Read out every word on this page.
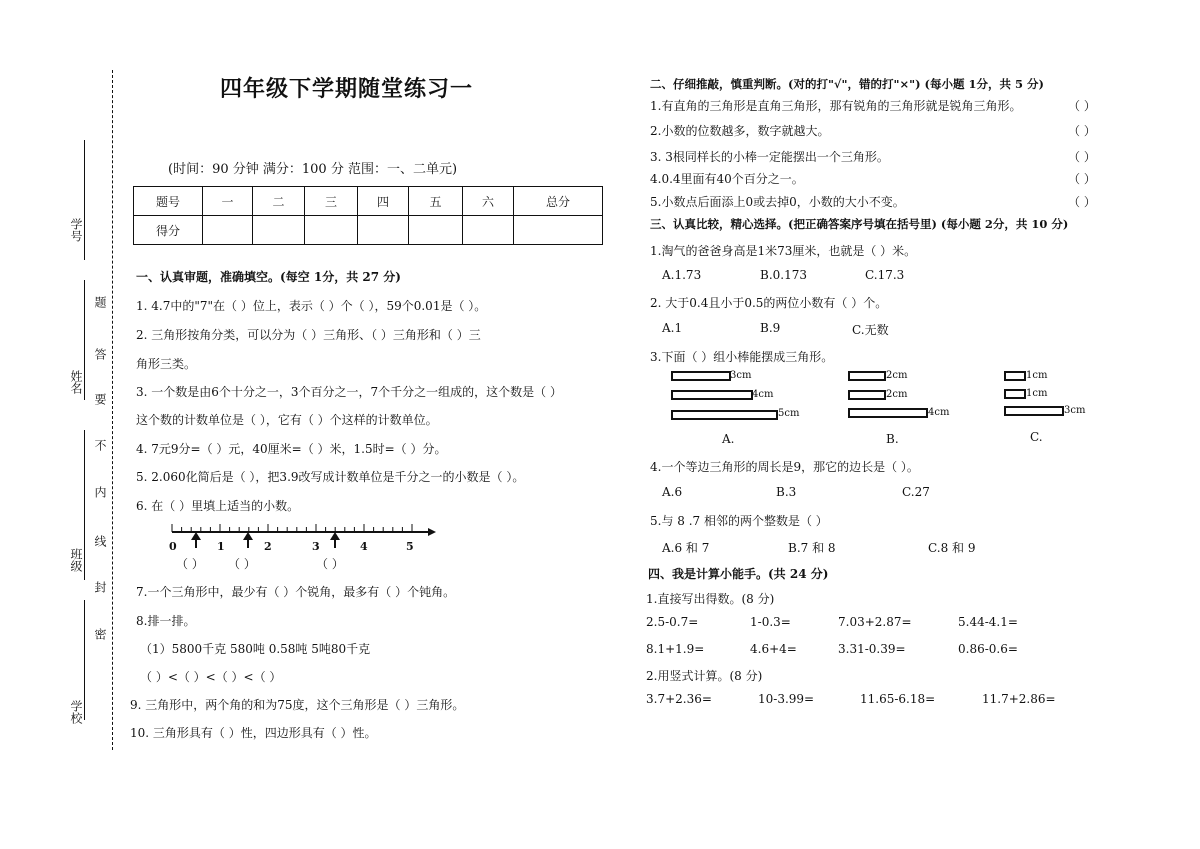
学号
姓名
班级
学校
题
答
要
不
内
线
封
密
四年级下学期随堂练习一
(时间：90 分钟 满分：100 分 范围：一、二单元)
题号	一	二	三	四	五	六	总分
得分							
一、认真审题，准确填空。(每空 1分，共 27 分)
1. 4.7中的"7"在（ ）位上，表示（ ）个（ ），59个0.01是（ ）。
2. 三角形按角分类，可以分为（ ）三角形、（ ）三角形和（ ）三
角形三类。
3. 一个数是由6个十分之一，3个百分之一，7个千分之一组成的，这个数是（ ）
这个数的计数单位是（ ），它有（ ）个这样的计数单位。
4. 7元9分=（ ）元，40厘米=（ ）米，1.5时=（ ）分。
5. 2.060化简后是（ ），把3.9改写成计数单位是千分之一的小数是（ ）。
6. 在（ ）里填上适当的小数。
0	1	2	3	4	5
（ ） （ ）	（ ）
7.一个三角形中，最少有（ ）个锐角，最多有（ ）个钝角。
8.排一排。
（1）5800千克 580吨 0.58吨 5吨80千克
（ ）<（ ）<（ ）<（ ）
9. 三角形中，两个角的和为75度，这个三角形是（ ）三角形。
10. 三角形具有（ ）性，四边形具有（ ）性。
二、仔细推敲，慎重判断。(对的打"√"，错的打"×") (每小题 1分，共 5 分)
1.有直角的三角形是直角三角形，那有锐角的三角形就是锐角三角形。
2.小数的位数越多，数字就越大。
3. 3根同样长的小棒一定能摆出一个三角形。
4.0.4里面有40个百分之一。
5.小数点后面添上0或去掉0，小数的大小不变。
（ ）
（ ）
（ ）
（ ）
（ ）
三、认真比较，精心选择。(把正确答案序号填在括号里) (每小题 2分，共 10 分)
1.淘气的爸爸身高是1米73厘米，也就是（ ）米。
A.1.73	B.0.173	C.17.3
2. 大于0.4且小于0.5的两位小数有（ ）个。
A.1	B.9	C.无数
3.下面（ ）组小棒能摆成三角形。
3cm
4cm
5cm
A.
2cm
2cm
4cm
B.
1cm
1cm
3cm
C.
4.一个等边三角形的周长是9，那它的边长是（ ）。
A.6	B.3	C.27
5.与 8 .7 相邻的两个整数是（ ）
A.6 和 7	B.7 和 8	C.8 和 9
四、我是计算小能手。(共 24 分)
1.直接写出得数。(8 分)
2.5-0.7=	1-0.3=	7.03+2.87=	5.44-4.1=
8.1+1.9=	4.6+4=	3.31-0.39=	0.86-0.6=
2.用竖式计算。(8 分)
3.7+2.36=	10-3.99=	11.65-6.18=	11.7+2.86=
